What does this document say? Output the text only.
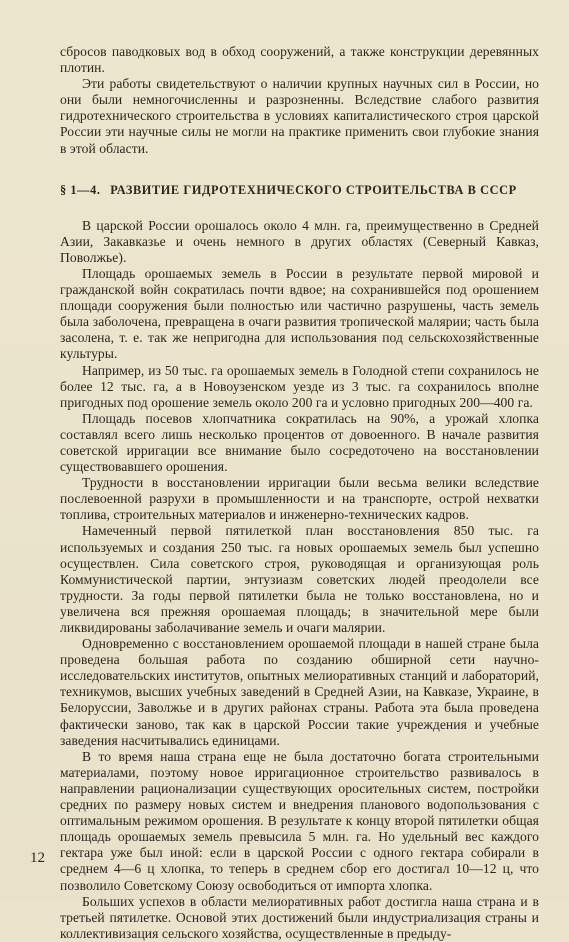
сбросов паводковых вод в обход сооружений, а также конструкции деревянных плотин.

Эти работы свидетельствуют о наличии крупных научных сил в России, но они были немногочисленны и разрозненны. Вследствие слабого развития гидротехнического строительства в условиях капиталистического строя царской России эти научные силы не могли на практике применить свои глубокие знания в этой области.

§ 1—4. РАЗВИТИЕ ГИДРОТЕХНИЧЕСКОГО СТРОИТЕЛЬСТВА В СССР

В царской России орошалось около 4 млн. га, преимущественно в Средней Азии, Закавказье и очень немного в других областях (Северный Кавказ, Поволжье).

Площадь орошаемых земель в России в результате первой мировой и гражданской войн сократилась почти вдвое; на сохранившейся под орошением площади сооружения были полностью или частично разрушены, часть земель была заболочена, превращена в очаги развития тропической малярии; часть была засолена, т. е. так же непригодна для использования под сельскохозяйственные культуры.

Например, из 50 тыс. га орошаемых земель в Голодной степи сохранилось не более 12 тыс. га, а в Новоузенском уезде из 3 тыс. га сохранилось вполне пригодных под орошение земель около 200 га и условно пригодных 200—400 га.

Площадь посевов хлопчатника сократилась на 90%, а урожай хлопка составлял всего лишь несколько процентов от довоенного. В начале развития советской ирригации все внимание было сосредоточено на восстановлении существовавшего орошения.

Трудности в восстановлении ирригации были весьма велики вследствие послевоенной разрухи в промышленности и на транспорте, острой нехватки топлива, строительных материалов и инженерно-технических кадров.

Намеченный первой пятилеткой план восстановления 850 тыс. га используемых и создания 250 тыс. га новых орошаемых земель был успешно осуществлен. Сила советского строя, руководящая и организующая роль Коммунистической партии, энтузиазм советских людей преодолели все трудности. За годы первой пятилетки была не только восстановлена, но и увеличена вся прежняя орошаемая площадь; в значительной мере были ликвидированы заболачивание земель и очаги малярии.

Одновременно с восстановлением орошаемой площади в нашей стране была проведена большая работа по созданию обширной сети научно-исследовательских институтов, опытных мелиоративных станций и лабораторий, техникумов, высших учебных заведений в Средней Азии, на Кавказе, Украине, в Белоруссии, Заволжье и в других районах страны. Работа эта была проведена фактически заново, так как в царской России такие учреждения и учебные заведения насчитывались единицами.

В то время наша страна еще не была достаточно богата строительными материалами, поэтому новое ирригационное строительство развивалось в направлении рационализации существующих оросительных систем, постройки средних по размеру новых систем и внедрения планового водопользования с оптимальным режимом орошения. В результате к концу второй пятилетки общая площадь орошаемых земель превысила 5 млн. га. Но удельный вес каждого гектара уже был иной: если в царской России с одного гектара собирали в среднем 4—6 ц хлопка, то теперь в среднем сбор его достигал 10—12 ц, что позволило Советскому Союзу освободиться от импорта хлопка.

Больших успехов в области мелиоративных работ достигла наша страна и в третьей пятилетке. Основой этих достижений были индустриализация страны и коллективизация сельского хозяйства, осуществленные в предыду-

12
